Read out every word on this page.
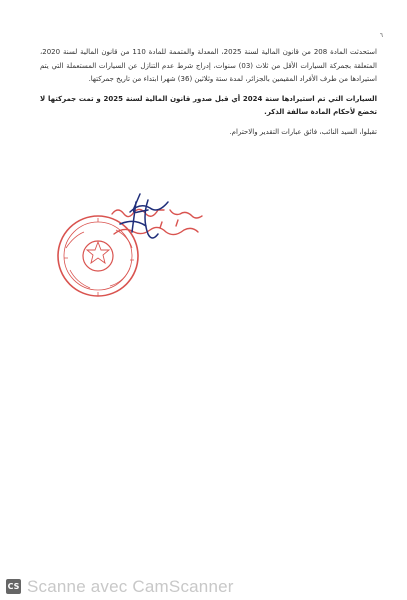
٦

استحدثت المادة 208 من قانون المالية لسنة 2025، المعدلة والمتممة للمادة 110 من قانون المالية لسنة 2020، المتعلقة بجمركة السيارات الأقل من ثلاث (03) سنوات، إدراج شرط عدم التنازل عن السيارات المستعملة التي يتم استيرادها من طرف الأفراد المقيمين بالجزائر، لمدة ستة وثلاثين (36) شهرا ابتداء من تاريخ جمركتها.

السيارات التي تم استيرادها سنة 2024 أي قبل صدور قانون المالية لسنة 2025 و تمت جمركتها لا تخضع لأحكام المادة سالفة الذكر.

تقبلوا، السيد النائب، فائق عبارات التقدير والاحترام.

CS Scanne avec CamScanner
